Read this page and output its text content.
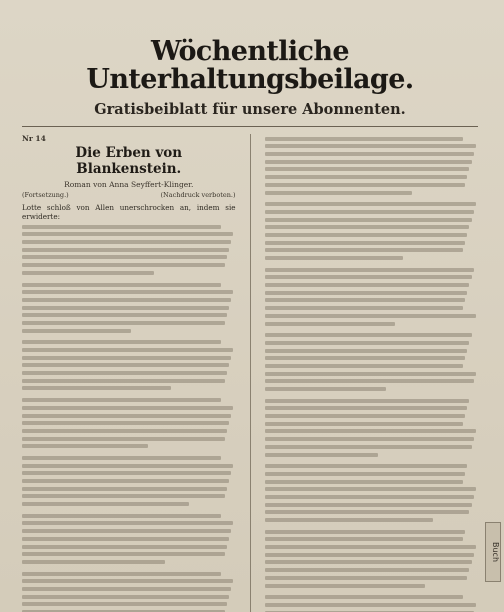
Wöchentliche Unterhaltungsbeilage.
Gratisbeiblatt für unsere Abonnenten.
Nr 14
Die Erben von Blankenstein.
Roman von Anna Seyffert-Klinger.
(Fortsetzung.)	(Nachdruck verboten.)
Lotte schloß von Allen unerschrocken an, indem sie erwiderte:
Buch
